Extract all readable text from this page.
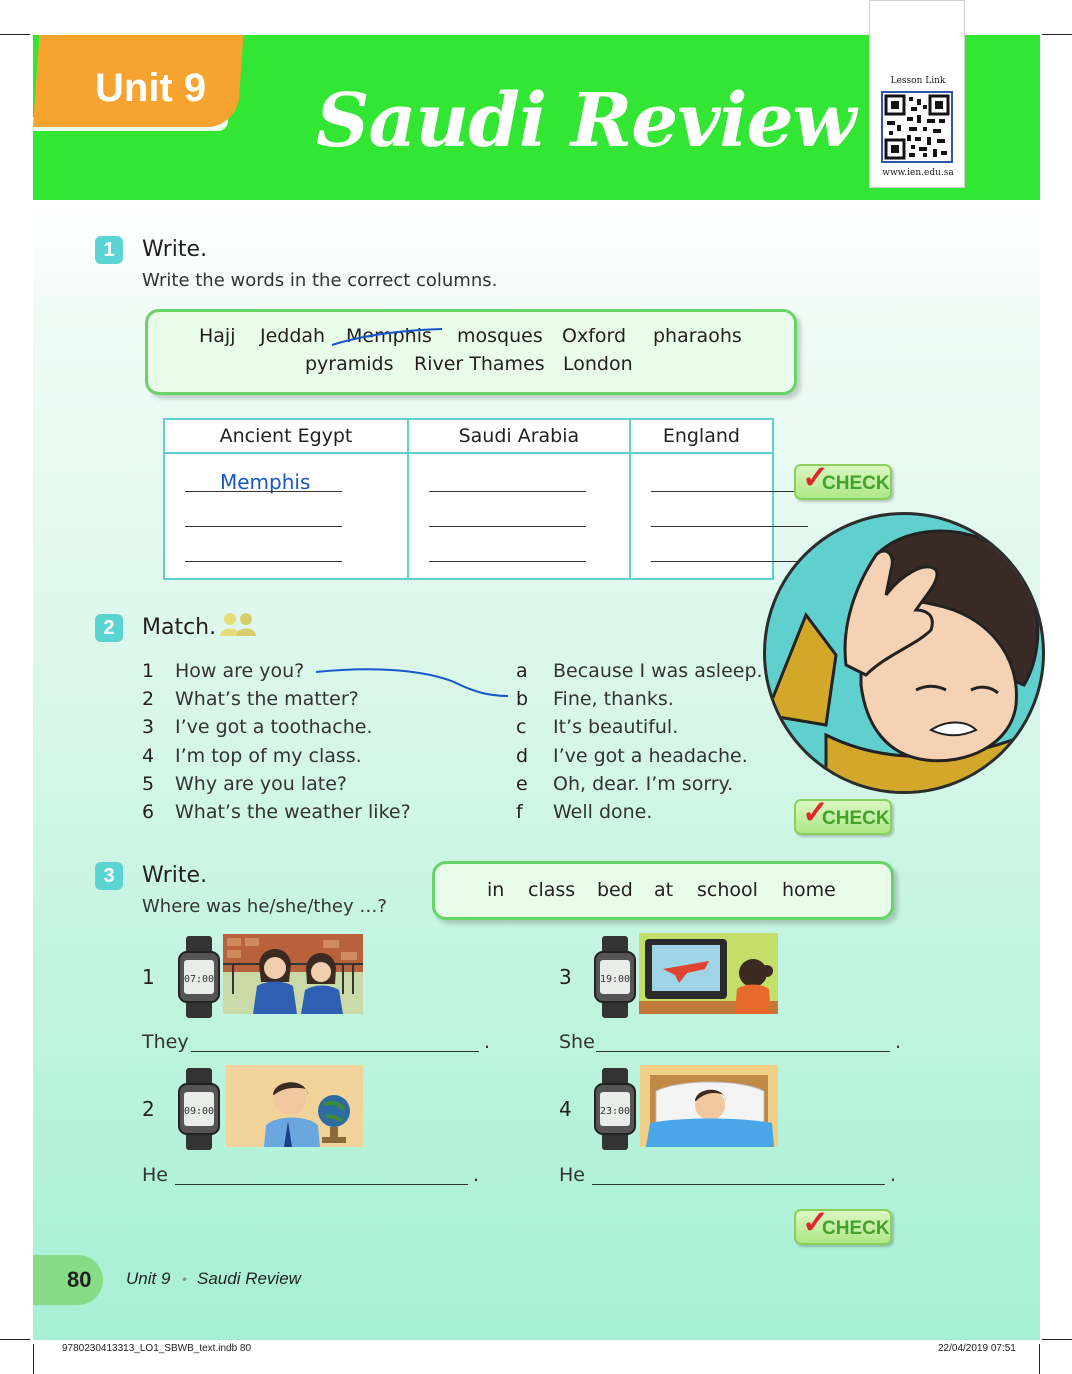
Unit 9 Saudi Review	Lesson Link
www.ien.edu.sa
1	Write.
Write the words in the correct columns.
Hajj Jeddah Memphis mosques Oxford pharaohs
pyramids River Thames London
Ancient Egypt	Saudi Arabia	England

Memphis		

		✓
CHECK
2	Match.
1 How are you?
2 What’s the matter?
3 I’ve got a toothache.
4 I’m top of my class.
5 Why are you late?
6 What’s the weather like?
a Because I was asleep.
b Fine, thanks.
c It’s beautiful.
d I’ve got a headache.
e Oh, dear. I’m sorry.
f Well done.	✓
CHECK
3	Write.
Where was he/she/they …?
in class bed at school home
1	07:00
They	.
2	09:00
He	.
3	19:00
She	.
4	23:00
He	.
✓
CHECK
80 Unit 9 • Saudi Review
9780230413313_LO1_SBWB_text.indb 80	22/04/2019 07:51
